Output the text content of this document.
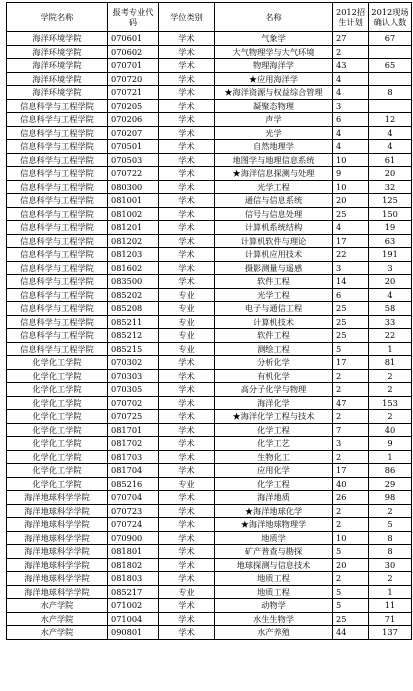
学院名称	报考专业代码	学位类别	名称	2012招生计划	2012现场确认人数
海洋环境学院	070601	学术	气象学	27	67
海洋环境学院	070602	学术	大气物理学与大气环境	2	
海洋环境学院	070701	学术	物理海洋学	43	65
海洋环境学院	070720	学术	★应用海洋学	4	
海洋环境学院	070721	学术	★海洋资源与权益综合管理	4	8
信息科学与工程学院	070205	学术	凝聚态物理	3	
信息科学与工程学院	070206	学术	声学	6	12
信息科学与工程学院	070207	学术	光学	4	4
信息科学与工程学院	070501	学术	自然地理学	4	4
信息科学与工程学院	070503	学术	地图学与地理信息系统	10	61
信息科学与工程学院	070722	学术	★海洋信息探测与处理	9	20
信息科学与工程学院	080300	学术	光学工程	10	32
信息科学与工程学院	081001	学术	通信与信息系统	20	125
信息科学与工程学院	081002	学术	信号与信息处理	25	150
信息科学与工程学院	081201	学术	计算机系统结构	4	19
信息科学与工程学院	081202	学术	计算机软件与理论	17	63
信息科学与工程学院	081203	学术	计算机应用技术	22	191
信息科学与工程学院	081602	学术	摄影测量与遥感	3	3
信息科学与工程学院	083500	学术	软件工程	14	20
信息科学与工程学院	085202	专业	光学工程	6	4
信息科学与工程学院	085208	专业	电子与通信工程	25	58
信息科学与工程学院	085211	专业	计算机技术	25	33
信息科学与工程学院	085212	专业	软件工程	25	22
信息科学与工程学院	085215	专业	测绘工程	5	1
化学化工学院	070302	学术	分析化学	17	81
化学化工学院	070303	学术	有机化学	2	2
化学化工学院	070305	学术	高分子化学与物理	2	2
化学化工学院	070702	学术	海洋化学	47	153
化学化工学院	070725	学术	★海洋化学工程与技术	2	2
化学化工学院	081701	学术	化学工程	7	40
化学化工学院	081702	学术	化学工艺	3	9
化学化工学院	081703	学术	生物化工	2	1
化学化工学院	081704	学术	应用化学	17	86
化学化工学院	085216	专业	化学工程	40	29
海洋地球科学学院	070704	学术	海洋地质	26	98
海洋地球科学学院	070723	学术	★海洋地球化学	2	2
海洋地球科学学院	070724	学术	★海洋地球物理学	2	5
海洋地球科学学院	070900	学术	地质学	10	8
海洋地球科学学院	081801	学术	矿产普查与勘探	5	8
海洋地球科学学院	081802	学术	地球探测与信息技术	20	30
海洋地球科学学院	081803	学术	地质工程	2	2
海洋地球科学学院	085217	专业	地质工程	5	1
水产学院	071002	学术	动物学	5	11
水产学院	071004	学术	水生生物学	25	71
水产学院	090801	学术	水产养殖	44	137
